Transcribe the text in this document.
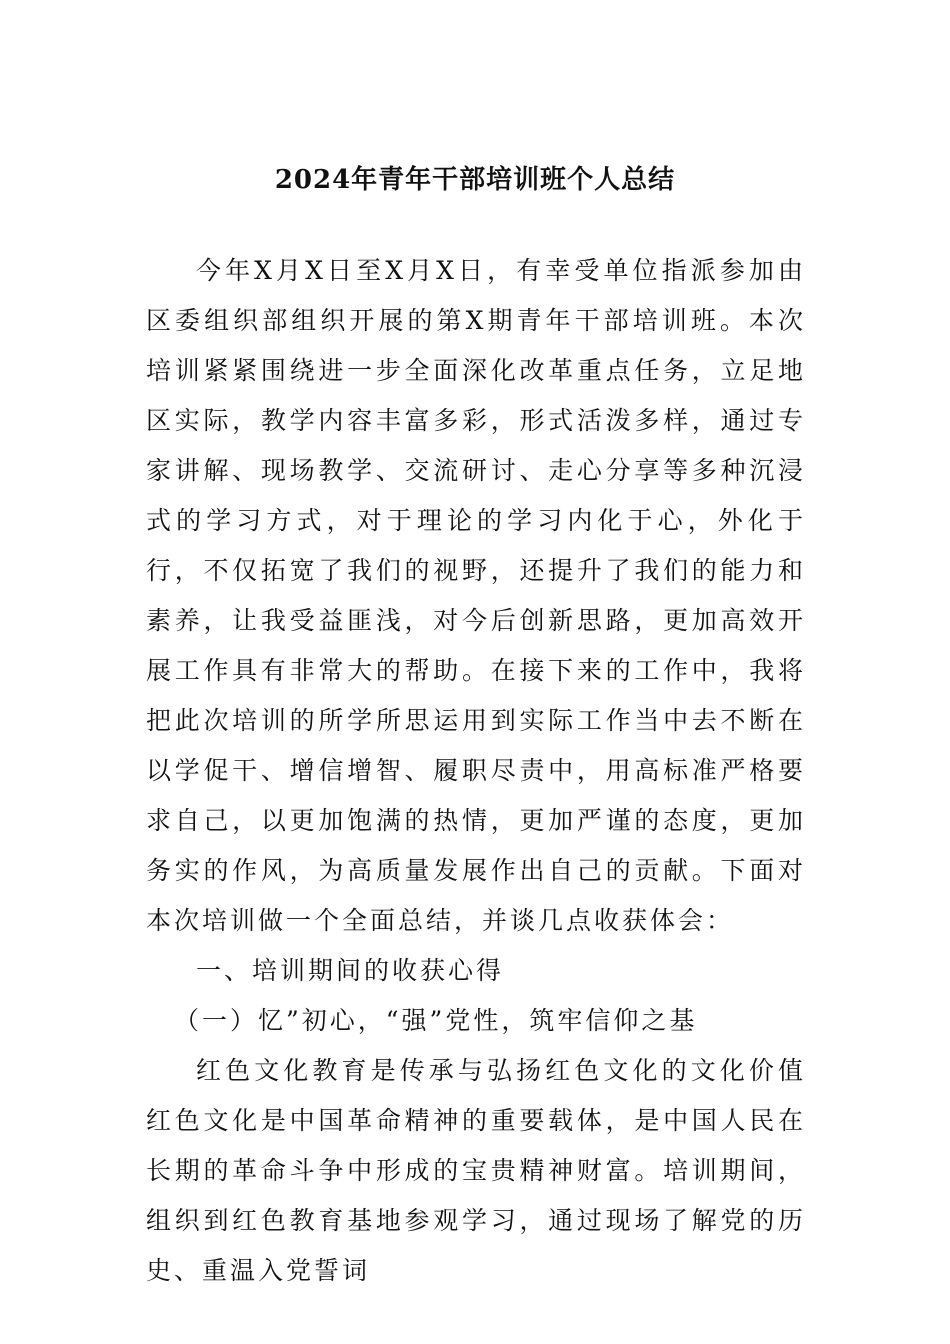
2024年青年干部培训班个人总结

今年X月X日至X月X日，有幸受单位指派参加由区委组织部组织开展的第X期青年干部培训班。本次培训紧紧围绕进一步全面深化改革重点任务，立足地区实际，教学内容丰富多彩，形式活泼多样，通过专家讲解、现场教学、交流研讨、走心分享等多种沉浸式的学习方式，对于理论的学习内化于心，外化于行，不仅拓宽了我们的视野，还提升了我们的能力和素养，让我受益匪浅，对今后创新思路，更加高效开展工作具有非常大的帮助。在接下来的工作中，我将把此次培训的所学所思运用到实际工作当中去不断在以学促干、增信增智、履职尽责中，用高标准严格要求自己，以更加饱满的热情，更加严谨的态度，更加务实的作风，为高质量发展作出自己的贡献。下面对本次培训做一个全面总结，并谈几点收获体会：

一、培训期间的收获心得
（一）忆”初心，“强”党性，筑牢信仰之基

红色文化教育是传承与弘扬红色文化的文化价值红色文化是中国革命精神的重要载体，是中国人民在长期的革命斗争中形成的宝贵精神财富。培训期间，组织到红色教育基地参观学习，通过现场了解党的历史、重温入党誓词
